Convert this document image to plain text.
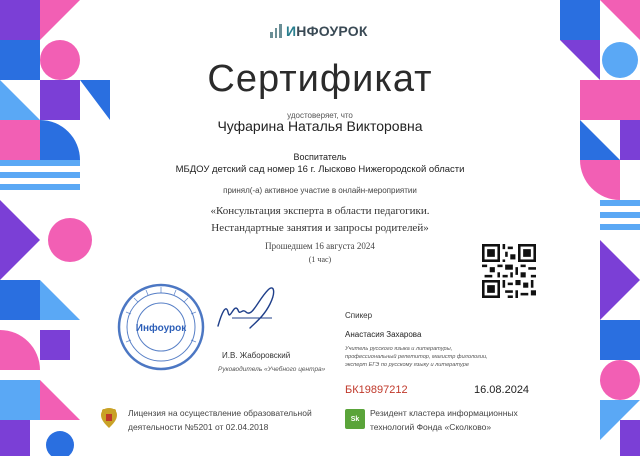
ИНФОУРОК
Сертификат
удостоверяет, что
Чуфарина Наталья Викторовна
Воспитатель
МБДОУ детский сад номер 16 г. Лысково Нижегородской области
принял(-а) активное участие в онлайн-мероприятии
«Консультация эксперта в области педагогики.
Нестандартные занятия и запросы родителей»
Прошедшем 16 августа 2024
(1 час)
Инфоурок
И.В. Жаборовский
Руководитель «Учебного центра»
Спикер
Анастасия Захарова
Учитель русского языка и литературы,
профессиональный репетитор, магистр филологии,
эксперт ЕГЭ по русскому языку и литературе
БК19897212	16.08.2024
Лицензия на осуществление образовательной
деятельности №5201 от 02.04.2018
Sk
Резидент кластера информационных
технологий Фонда «Сколково»
